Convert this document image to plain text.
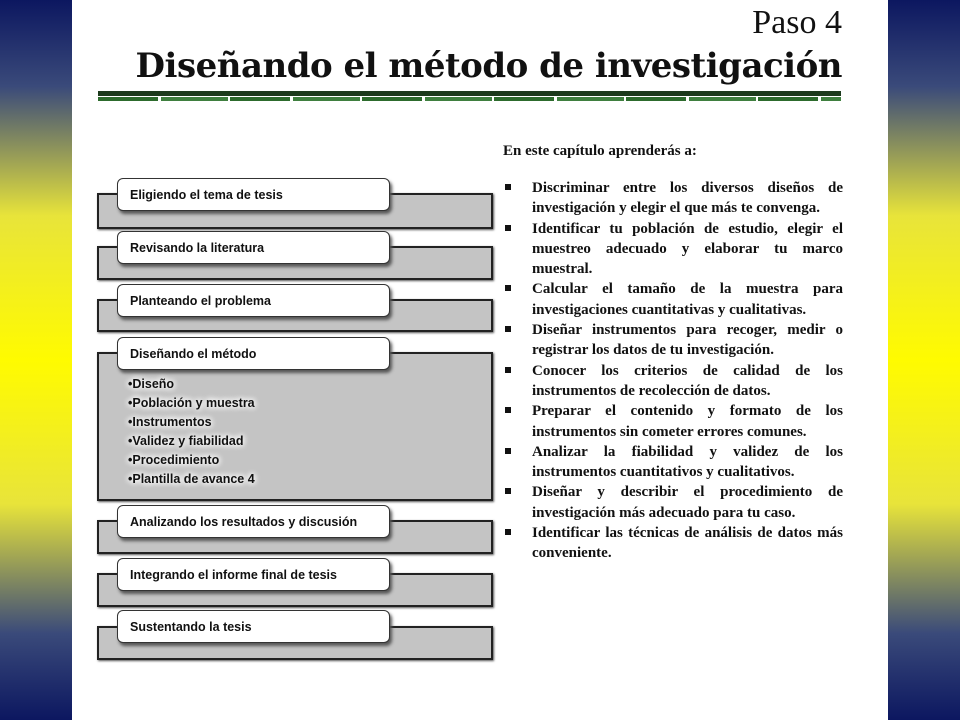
Paso 4
Diseñando el método de investigación
Eligiendo el tema de tesis
Revisando la literatura
Planteando el problema
Diseñando el método
•Diseño
•Población y muestra
•Instrumentos
•Validez y fiabilidad
•Procedimiento
•Plantilla de avance 4
Analizando los resultados y discusión
Integrando el informe final de tesis
Sustentando la tesis
En este capítulo aprenderás a:
Discriminar entre los diversos diseños de investigación y elegir el que más te convenga.
Identificar tu población de estudio, elegir el muestreo adecuado y elaborar tu marco muestral.
Calcular el tamaño de la muestra para investigaciones cuantitativas y cualitativas.
Diseñar instrumentos para recoger, medir o registrar los datos de tu investigación.
Conocer los criterios de calidad de los instrumentos de recolección de datos.
Preparar el contenido y formato de los instrumentos sin cometer errores comunes.
Analizar la fiabilidad y validez de los instrumentos cuantitativos y cualitativos.
Diseñar y describir el procedimiento de investigación más adecuado para tu caso.
Identificar las técnicas de análisis de datos más conveniente.
